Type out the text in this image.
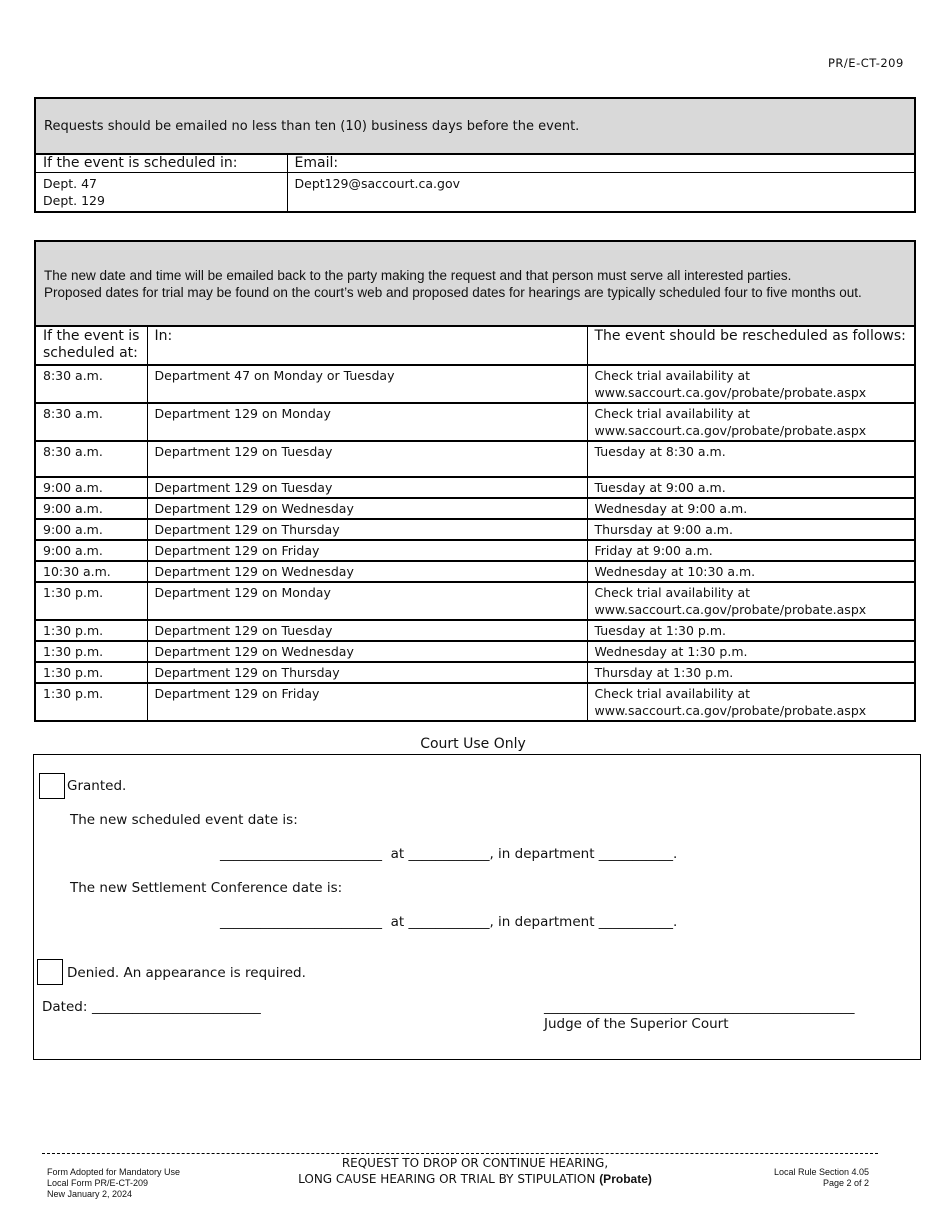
PR/E-CT-209
Requests should be emailed no less than ten (10) business days before the event.	
If the event is scheduled in:	Email:

Dept. 47
Dept. 129	Dept129@saccourt.ca.gov
The new date and time will be emailed back to the party making the request and that person must serve all interested parties.
Proposed dates for trial may be found on the court’s web and proposed dates for hearings are typically scheduled four to five months out.		

If the event is scheduled at:	In:	The event should be rescheduled as follows:
8:30 a.m.	Department 47 on Monday or Tuesday	Check trial availability at
www.saccourt.ca.gov/probate/probate.aspx

8:30 a.m.	Department 129 on Monday	Check trial availability at
www.saccourt.ca.gov/probate/probate.aspx

8:30 a.m.	Department 129 on Tuesday	Tuesday at 8:30 a.m.

9:00 a.m.	Department 129 on Tuesday	Tuesday at 9:00 a.m.

9:00 a.m.	Department 129 on Wednesday	Wednesday at 9:00 a.m.

9:00 a.m.	Department 129 on Thursday	Thursday at 9:00 a.m.

9:00 a.m.	Department 129 on Friday	Friday at 9:00 a.m.

10:30 a.m.	Department 129 on Wednesday	Wednesday at 10:30 a.m.

1:30 p.m.	Department 129 on Monday	Check trial availability at
www.saccourt.ca.gov/probate/probate.aspx

1:30 p.m.	Department 129 on Tuesday	Tuesday at 1:30 p.m.

1:30 p.m.	Department 129 on Wednesday	Wednesday at 1:30 p.m.

1:30 p.m.	Department 129 on Thursday	Thursday at 1:30 p.m.

1:30 p.m.	Department 129 on Friday	Check trial availability at
www.saccourt.ca.gov/probate/probate.aspx
Court Use Only
Granted.
The new scheduled event date is:
________________________  at ____________, in department ___________.
The new Settlement Conference date is:
________________________  at ____________, in department ___________.
Denied. An appearance is required.
Dated: _________________________	______________________________________________
Judge of the Superior Court
Form Adopted for Mandatory Use
Local Form PR/E-CT-209
New January 2, 2024
REQUEST TO DROP OR CONTINUE HEARING,
LONG CAUSE HEARING OR TRIAL BY STIPULATION (Probate)	Local Rule Section 4.05
Page 2 of 2
